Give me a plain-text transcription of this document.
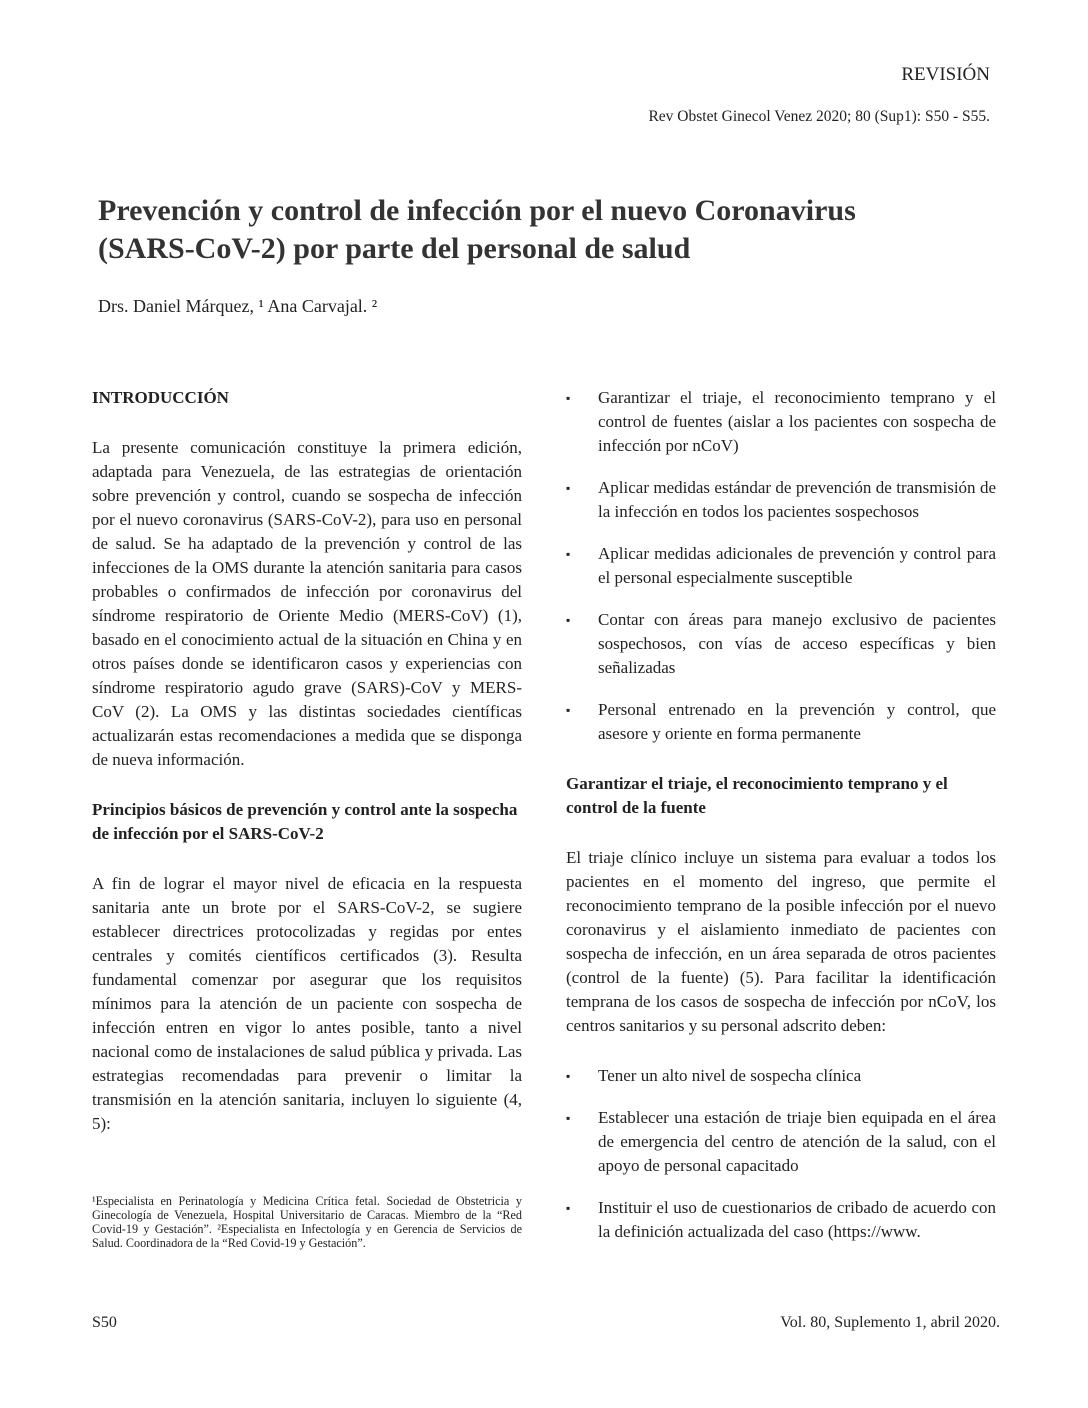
REVISIÓN
Rev Obstet Ginecol Venez 2020; 80 (Sup1): S50 - S55.
Prevención y control de infección por el nuevo Coronavirus
(SARS-CoV-2) por parte del personal de salud
Drs. Daniel Márquez, ¹ Ana Carvajal. ²
INTRODUCCIÓN

La presente comunicación constituye la primera edición, adaptada para Venezuela, de las estrategias de orientación sobre prevención y control, cuando se sospecha de infección por el nuevo coronavirus (SARS-CoV-2), para uso en personal de salud. Se ha adaptado de la prevención y control de las infecciones de la OMS durante la atención sanitaria para casos probables o confirmados de infección por coronavirus del síndrome respiratorio de Oriente Medio (MERS-CoV) (1), basado en el conocimiento actual de la situación en China y en otros países donde se identificaron casos y experiencias con síndrome respiratorio agudo grave (SARS)-CoV y MERS-CoV (2). La OMS y las distintas sociedades científicas actualizarán estas recomendaciones a medida que se disponga de nueva información.

Principios básicos de prevención y control ante la sospecha de infección por el SARS-CoV-2

A fin de lograr el mayor nivel de eficacia en la respuesta sanitaria ante un brote por el SARS-CoV-2, se sugiere establecer directrices protocolizadas y regidas por entes centrales y comités científicos certificados (3). Resulta fundamental comenzar por asegurar que los requisitos mínimos para la atención de un paciente con sospecha de infección entren en vigor lo antes posible, tanto a nivel nacional como de instalaciones de salud pública y privada. Las estrategias recomendadas para prevenir o limitar la transmisión en la atención sanitaria, incluyen lo siguiente (4, 5):

¹Especialista en Perinatología y Medicina Crítica fetal. Sociedad de Obstetricia y Ginecología de Venezuela, Hospital Universitario de Caracas. Miembro de la “Red Covid-19 y Gestación”. ²Especialista en Infectología y en Gerencia de Servicios de Salud. Coordinadora de la “Red Covid-19 y Gestación”.
▪ Garantizar el triaje, el reconocimiento temprano y el control de fuentes (aislar a los pacientes con sospecha de infección por nCoV)
▪ Aplicar medidas estándar de prevención de transmisión de la infección en todos los pacientes sospechosos
▪ Aplicar medidas adicionales de prevención y control para el personal especialmente susceptible
▪ Contar con áreas para manejo exclusivo de pacientes sospechosos, con vías de acceso específicas y bien señalizadas
▪ Personal entrenado en la prevención y control, que asesore y oriente en forma permanente
Garantizar el triaje, el reconocimiento temprano y el control de la fuente

El triaje clínico incluye un sistema para evaluar a todos los pacientes en el momento del ingreso, que permite el reconocimiento temprano de la posible infección por el nuevo coronavirus y el aislamiento inmediato de pacientes con sospecha de infección, en un área separada de otros pacientes (control de la fuente) (5). Para facilitar la identificación temprana de los casos de sospecha de infección por nCoV, los centros sanitarios y su personal adscrito deben:

▪ Tener un alto nivel de sospecha clínica
▪ Establecer una estación de triaje bien equipada en el área de emergencia del centro de atención de la salud, con el apoyo de personal capacitado
▪ Instituir el uso de cuestionarios de cribado de acuerdo con la definición actualizada del caso (https://www.
S50	Vol. 80, Suplemento 1, abril 2020.
